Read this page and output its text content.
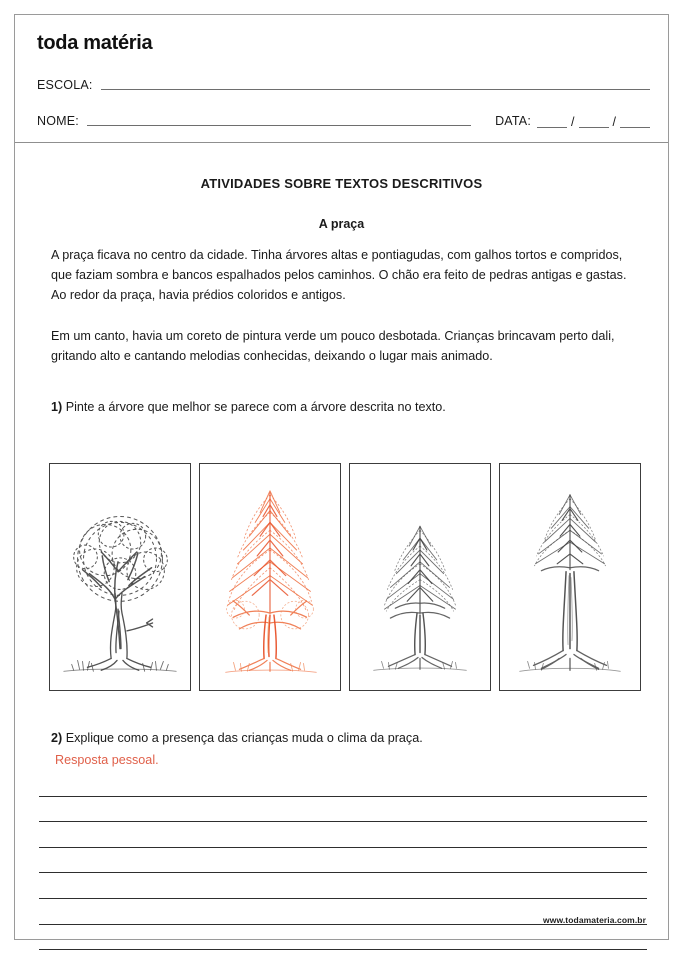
toda matéria
ESCOLA:
NOME:	DATA:	/	/
ATIVIDADES SOBRE TEXTOS DESCRITIVOS
A praça

A praça ficava no centro da cidade. Tinha árvores altas e pontiagudas, com galhos tortos e compridos, que faziam sombra e bancos espalhados pelos caminhos. O chão era feito de pedras antigas e gastas. Ao redor da praça, havia prédios coloridos e antigos.

Em um canto, havia um coreto de pintura verde um pouco desbotada. Crianças brincavam perto dali, gritando alto e cantando melodias conhecidas, deixando o lugar mais animado.

1) Pinte a árvore que melhor se parece com a árvore descrita no texto.
2) Explique como a presença das crianças muda o clima da praça.
Resposta pessoal.
www.todamateria.com.br
